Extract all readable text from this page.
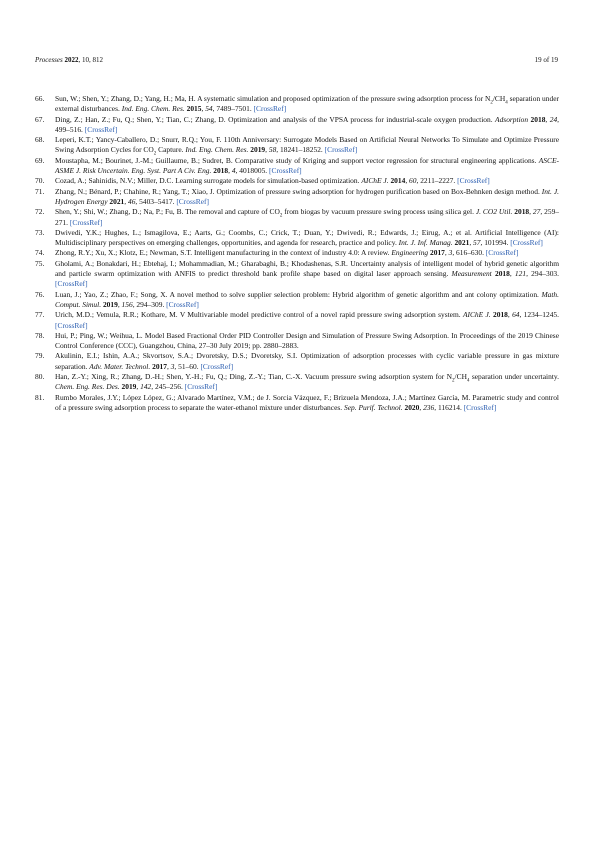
Processes 2022, 10, 812	19 of 19
66. Sun, W.; Shen, Y.; Zhang, D.; Yang, H.; Ma, H. A systematic simulation and proposed optimization of the pressure swing adsorption process for $N_2/CH_4$ separation under external disturbances. Ind. Eng. Chem. Res. 2015, 54, 7489–7501. [CrossRef]
67. Ding, Z.; Han, Z.; Fu, Q.; Shen, Y.; Tian, C.; Zhang, D. Optimization and analysis of the VPSA process for industrial-scale oxygen production. Adsorption 2018, 24, 499–516. [CrossRef]
68. Leperi, K.T.; Yancy-Caballero, D.; Snurr, R.Q.; You, F. 110th Anniversary: Surrogate Models Based on Artificial Neural Networks To Simulate and Optimize Pressure Swing Adsorption Cycles for $CO_2$ Capture. Ind. Eng. Chem. Res. 2019, 58, 18241–18252. [CrossRef]
69. Moustapha, M.; Bourinet, J.-M.; Guillaume, B.; Sudret, B. Comparative study of Kriging and support vector regression for structural engineering applications. ASCE-ASME J. Risk Uncertain. Eng. Syst. Part A Civ. Eng. 2018, 4, 4018005. [CrossRef]
70. Cozad, A.; Sahinidis, N.V.; Miller, D.C. Learning surrogate models for simulation-based optimization. AIChE J. 2014, 60, 2211–2227. [CrossRef]
71. Zhang, N.; Bénard, P.; Chahine, R.; Yang, T.; Xiao, J. Optimization of pressure swing adsorption for hydrogen purification based on Box-Behnken design method. Int. J. Hydrogen Energy 2021, 46, 5403–5417. [CrossRef]
72. Shen, Y.; Shi, W.; Zhang, D.; Na, P.; Fu, B. The removal and capture of $CO_2$ from biogas by vacuum pressure swing process using silica gel. J. CO2 Util. 2018, 27, 259–271. [CrossRef]
73. Dwivedi, Y.K.; Hughes, L.; Ismagilova, E.; Aarts, G.; Coombs, C.; Crick, T.; Duan, Y.; Dwivedi, R.; Edwards, J.; Eirug, A.; et al. Artificial Intelligence (AI): Multidisciplinary perspectives on emerging challenges, opportunities, and agenda for research, practice and policy. Int. J. Inf. Manag. 2021, 57, 101994. [CrossRef]
74. Zhong, R.Y.; Xu, X.; Klotz, E.; Newman, S.T. Intelligent manufacturing in the context of industry 4.0: A review. Engineering 2017, 3, 616–630. [CrossRef]
75. Gholami, A.; Bonakdari, H.; Ebtehaj, I.; Mohammadian, M.; Gharabaghi, B.; Khodashenas, S.R. Uncertainty analysis of intelligent model of hybrid genetic algorithm and particle swarm optimization with ANFIS to predict threshold bank profile shape based on digital laser approach sensing. Measurement 2018, 121, 294–303. [CrossRef]
76. Luan, J.; Yao, Z.; Zhao, F.; Song, X. A novel method to solve supplier selection problem: Hybrid algorithm of genetic algorithm and ant colony optimization. Math. Comput. Simul. 2019, 156, 294–309. [CrossRef]
77. Urich, M.D.; Vemula, R.R.; Kothare, M. V Multivariable model predictive control of a novel rapid pressure swing adsorption system. AIChE J. 2018, 64, 1234–1245. [CrossRef]
78. Hui, P.; Ping, W.; Weihua, L. Model Based Fractional Order PID Controller Design and Simulation of Pressure Swing Adsorption. In Proceedings of the 2019 Chinese Control Conference (CCC), Guangzhou, China, 27–30 July 2019; pp. 2880–2883.
79. Akulinin, E.I.; Ishin, A.A.; Skvortsov, S.A.; Dvoretsky, D.S.; Dvoretsky, S.I. Optimization of adsorption processes with cyclic variable pressure in gas mixture separation. Adv. Mater. Technol. 2017, 3, 51–60. [CrossRef]
80. Han, Z.-Y.; Xing, R.; Zhang, D.-H.; Shen, Y.-H.; Fu, Q.; Ding, Z.-Y.; Tian, C.-X. Vacuum pressure swing adsorption system for $N_2/CH_4$ separation under uncertainty. Chem. Eng. Res. Des. 2019, 142, 245–256. [CrossRef]
81. Rumbo Morales, J.Y.; López López, G.; Alvarado Martínez, V.M.; de J. Sorcia Vázquez, F.; Brizuela Mendoza, J.A.; Martínez García, M. Parametric study and control of a pressure swing adsorption process to separate the water-ethanol mixture under disturbances. Sep. Purif. Technol. 2020, 236, 116214. [CrossRef]
